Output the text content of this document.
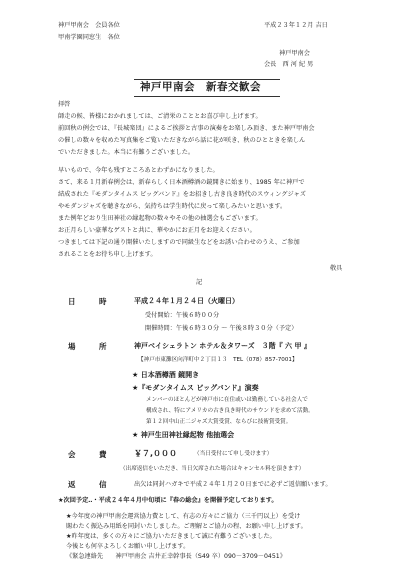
神戸甲南会　会員各位
甲南学園同窓生　各位
平成２３年１２月 吉日
神戸甲南会
会長　西 河 紀 男
神戸甲南会　新春交歓会
拝啓
師走の候、皆様におかれましては、ご清栄のこととお喜び申し上げます。
前回秋の例会では、『長城楽団』によるご挨拶と古事の演奏をお楽しみ頂き、また神戸甲南会
の催しの数々を収めた写真集をご覧いただきながら話に花が咲き、秋のひとときを楽しん
でいただきました。本当に有難うございました。
早いもので、今年も残すところあとわずかになりました。
さて、来る１月新春例会は、新春らしく日本酒樽酒の鏡開きに始まり、1985 年に神戸で
結成された『モダンタイムス ビッグバンド』をお招きし古き良き時代のスウィングジャズ
やモダンジャズを聴きながら、気持ちは学生時代に戻って楽しみたいと思います。
また例年どおり生田神社の縁起物の数々やその他の抽選会もございます。
お正月らしい豪華なゲストと共に、華やかにお正月をお迎えください。
つきましては下記の通り開催いたしますので同級生などをお誘い合わせのうえ、ご参加
されることをお待ち申し上げます。
敬具
記
日　時	平成２４年１月２４日（火曜日）
受付開始：午後６時００分
開催時間：午後６時３０分 ～ 午後８時３０分（予定）
場　所	神戸ベイシェラトン ホテル＆タワーズ　３階『 六 甲 』
【神戸市東灘区向洋町中２丁目１３　TEL（078）857-7001】
★ 日本酒樽酒 鏡開き
★『モダンタイムス ビッグバンド』演奏
メンバーのほとんどが神戸市に在住或いは勤務している社会人で
構成され、特にアメリカの古き良き時代のサウンドを求めて活動。
第１２回中山正二ジャズ大賞受賞、ならびに技術賞受賞。
★ 神戸生田神社縁起物 他抽選会
会　費 ￥７,０００	（当日受付にて申し受けます）
（出席返信をいただき、当日欠席された場合はキャンセル料を頂きます）
返　信	出欠は同封ハガキで平成２４年１月２０日までに必ずご返信願います。
★次回予定‥・平成２４年４月中旬頃に『春の総会』を開催予定しております。
★今年度の神戸甲南会運営協力費として、有志の方々にご協力（三千円以上）を受け
賜わたく振込み用紙を同封いたしました。ご理解とご協力の程、お願い申し上げます。
★昨年度は、多くの方々にご協力いただきまして誠に有難うございました。
今後とも何卒よろしくお願い申し上げます。
《緊急連絡先　　神戸甲南会 吉井正幸幹事長（S49 卒）090－3709－0451》
